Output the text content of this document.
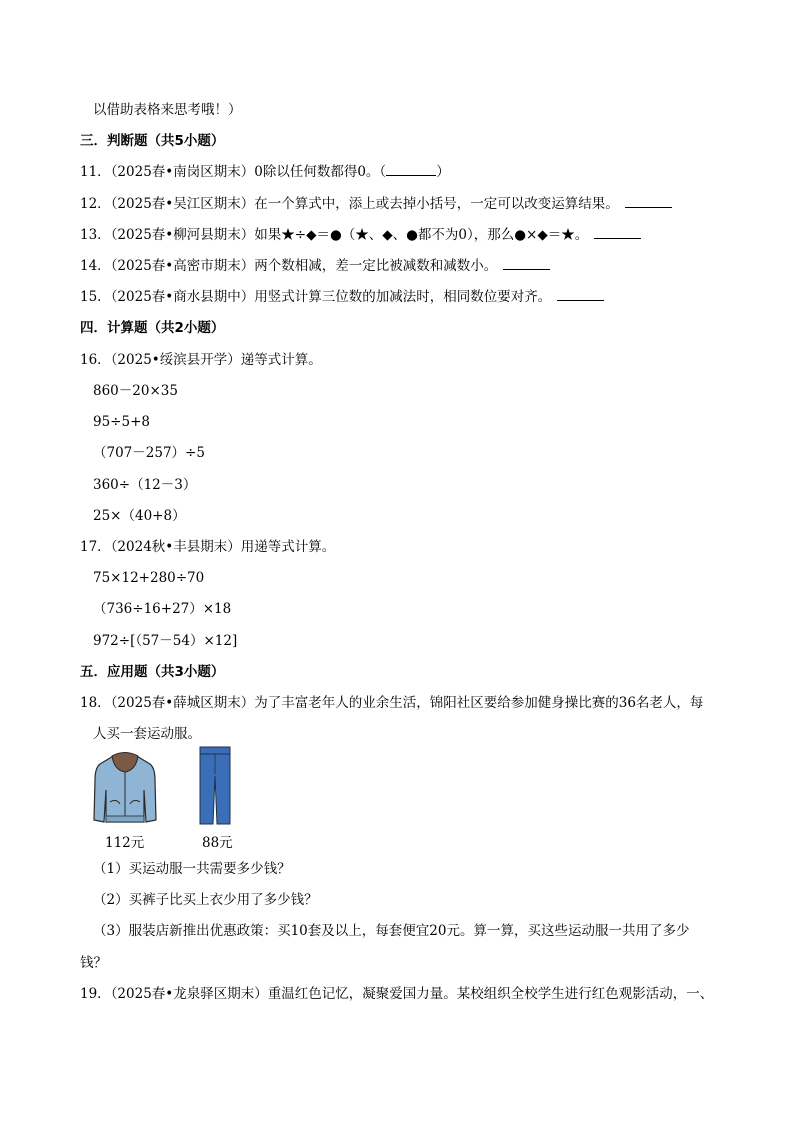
以借助表格来思考哦！）
三．判断题（共5小题）
11．（2025春•南岗区期末）0除以任何数都得0。（	）
12．（2025春•吴江区期末）在一个算式中，添上或去掉小括号，一定可以改变运算结果。
13．（2025春•柳河县期末）如果★÷◆＝●（★、◆、●都不为0），那么●×◆＝★。
14．（2025春•高密市期末）两个数相减，差一定比被减数和减数小。
15．（2025春•商水县期中）用竖式计算三位数的加减法时，相同数位要对齐。
四．计算题（共2小题）
16．（2025•绥滨县开学）递等式计算。
860－20×35
95÷5+8
（707－257）÷5
360÷（12－3）
25×（40+8）
17．（2024秋•丰县期末）用递等式计算。
75×12+280÷70
（736÷16+27）×18
972÷[（57－54）×12]
五．应用题（共3小题）
18．（2025春•薛城区期末）为了丰富老年人的业余生活，锦阳社区要给参加健身操比赛的36名老人，每
人买一套运动服。
112元	88元
（1）买运动服一共需要多少钱？
（2）买裤子比买上衣少用了多少钱？
（3）服装店新推出优惠政策：买10套及以上，每套便宜20元。算一算，买这些运动服一共用了多少
钱？
19．（2025春•龙泉驿区期末）重温红色记忆，凝聚爱国力量。某校组织全校学生进行红色观影活动，一、
